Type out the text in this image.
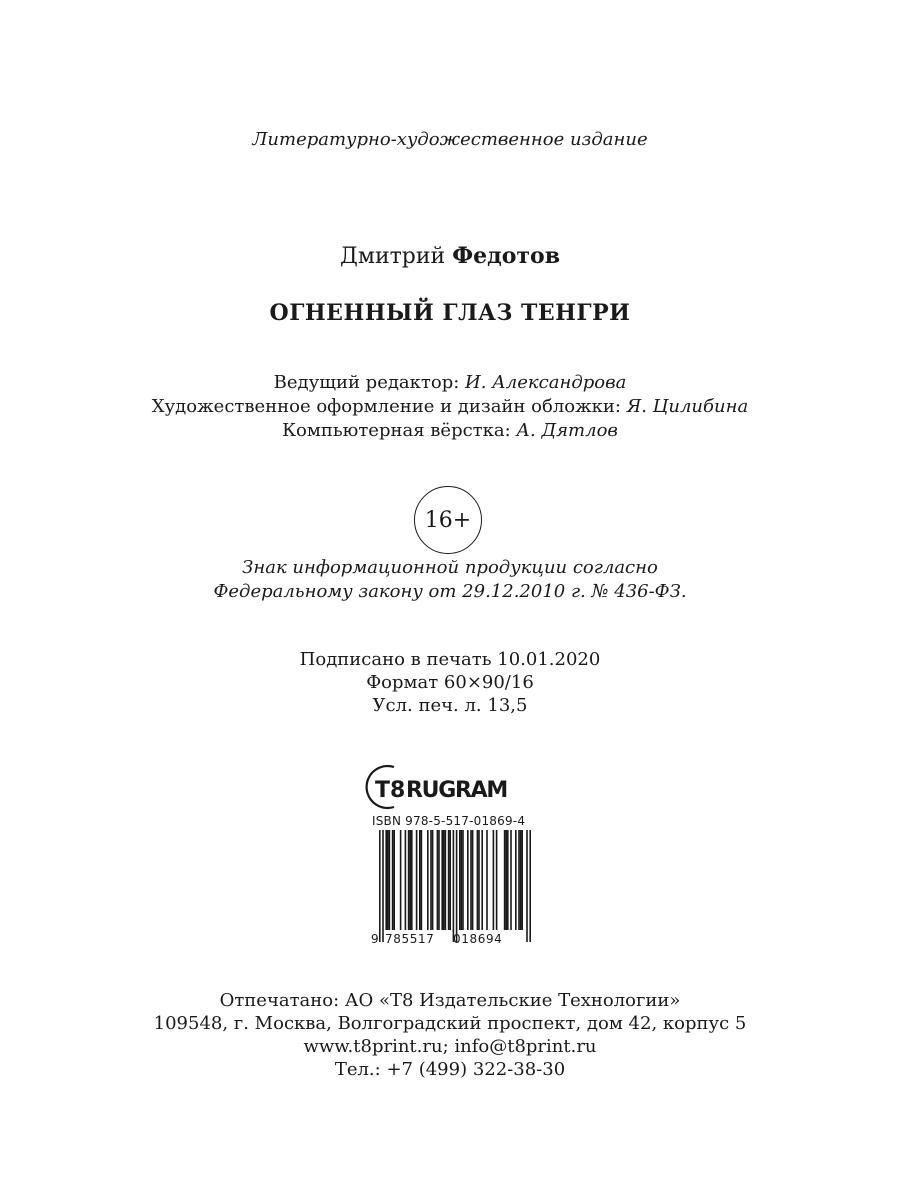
Литературно-художественное издание
Дмитрий Федотов
ОГНЕННЫЙ ГЛАЗ ТЕНГРИ
Ведущий редактор: И. Александрова
Художественное оформление и дизайн обложки: Я. Цилибина
Компьютерная вёрстка: А. Дятлов
16+
Знак информационной продукции согласно
Федеральному закону от 29.12.2010 г. № 436-ФЗ.
Подписано в печать 10.01.2020
Формат 60×90/16
Усл. печ. л. 13,5
T8 RUGRAM
ISBN 978-5-517-01869-4
9 785517 018694
Отпечатано: АО «Т8 Издательские Технологии»
109548, г. Москва, Волгоградский проспект, дом 42, корпус 5
www.t8print.ru; info@t8print.ru
Тел.: +7 (499) 322-38-30
